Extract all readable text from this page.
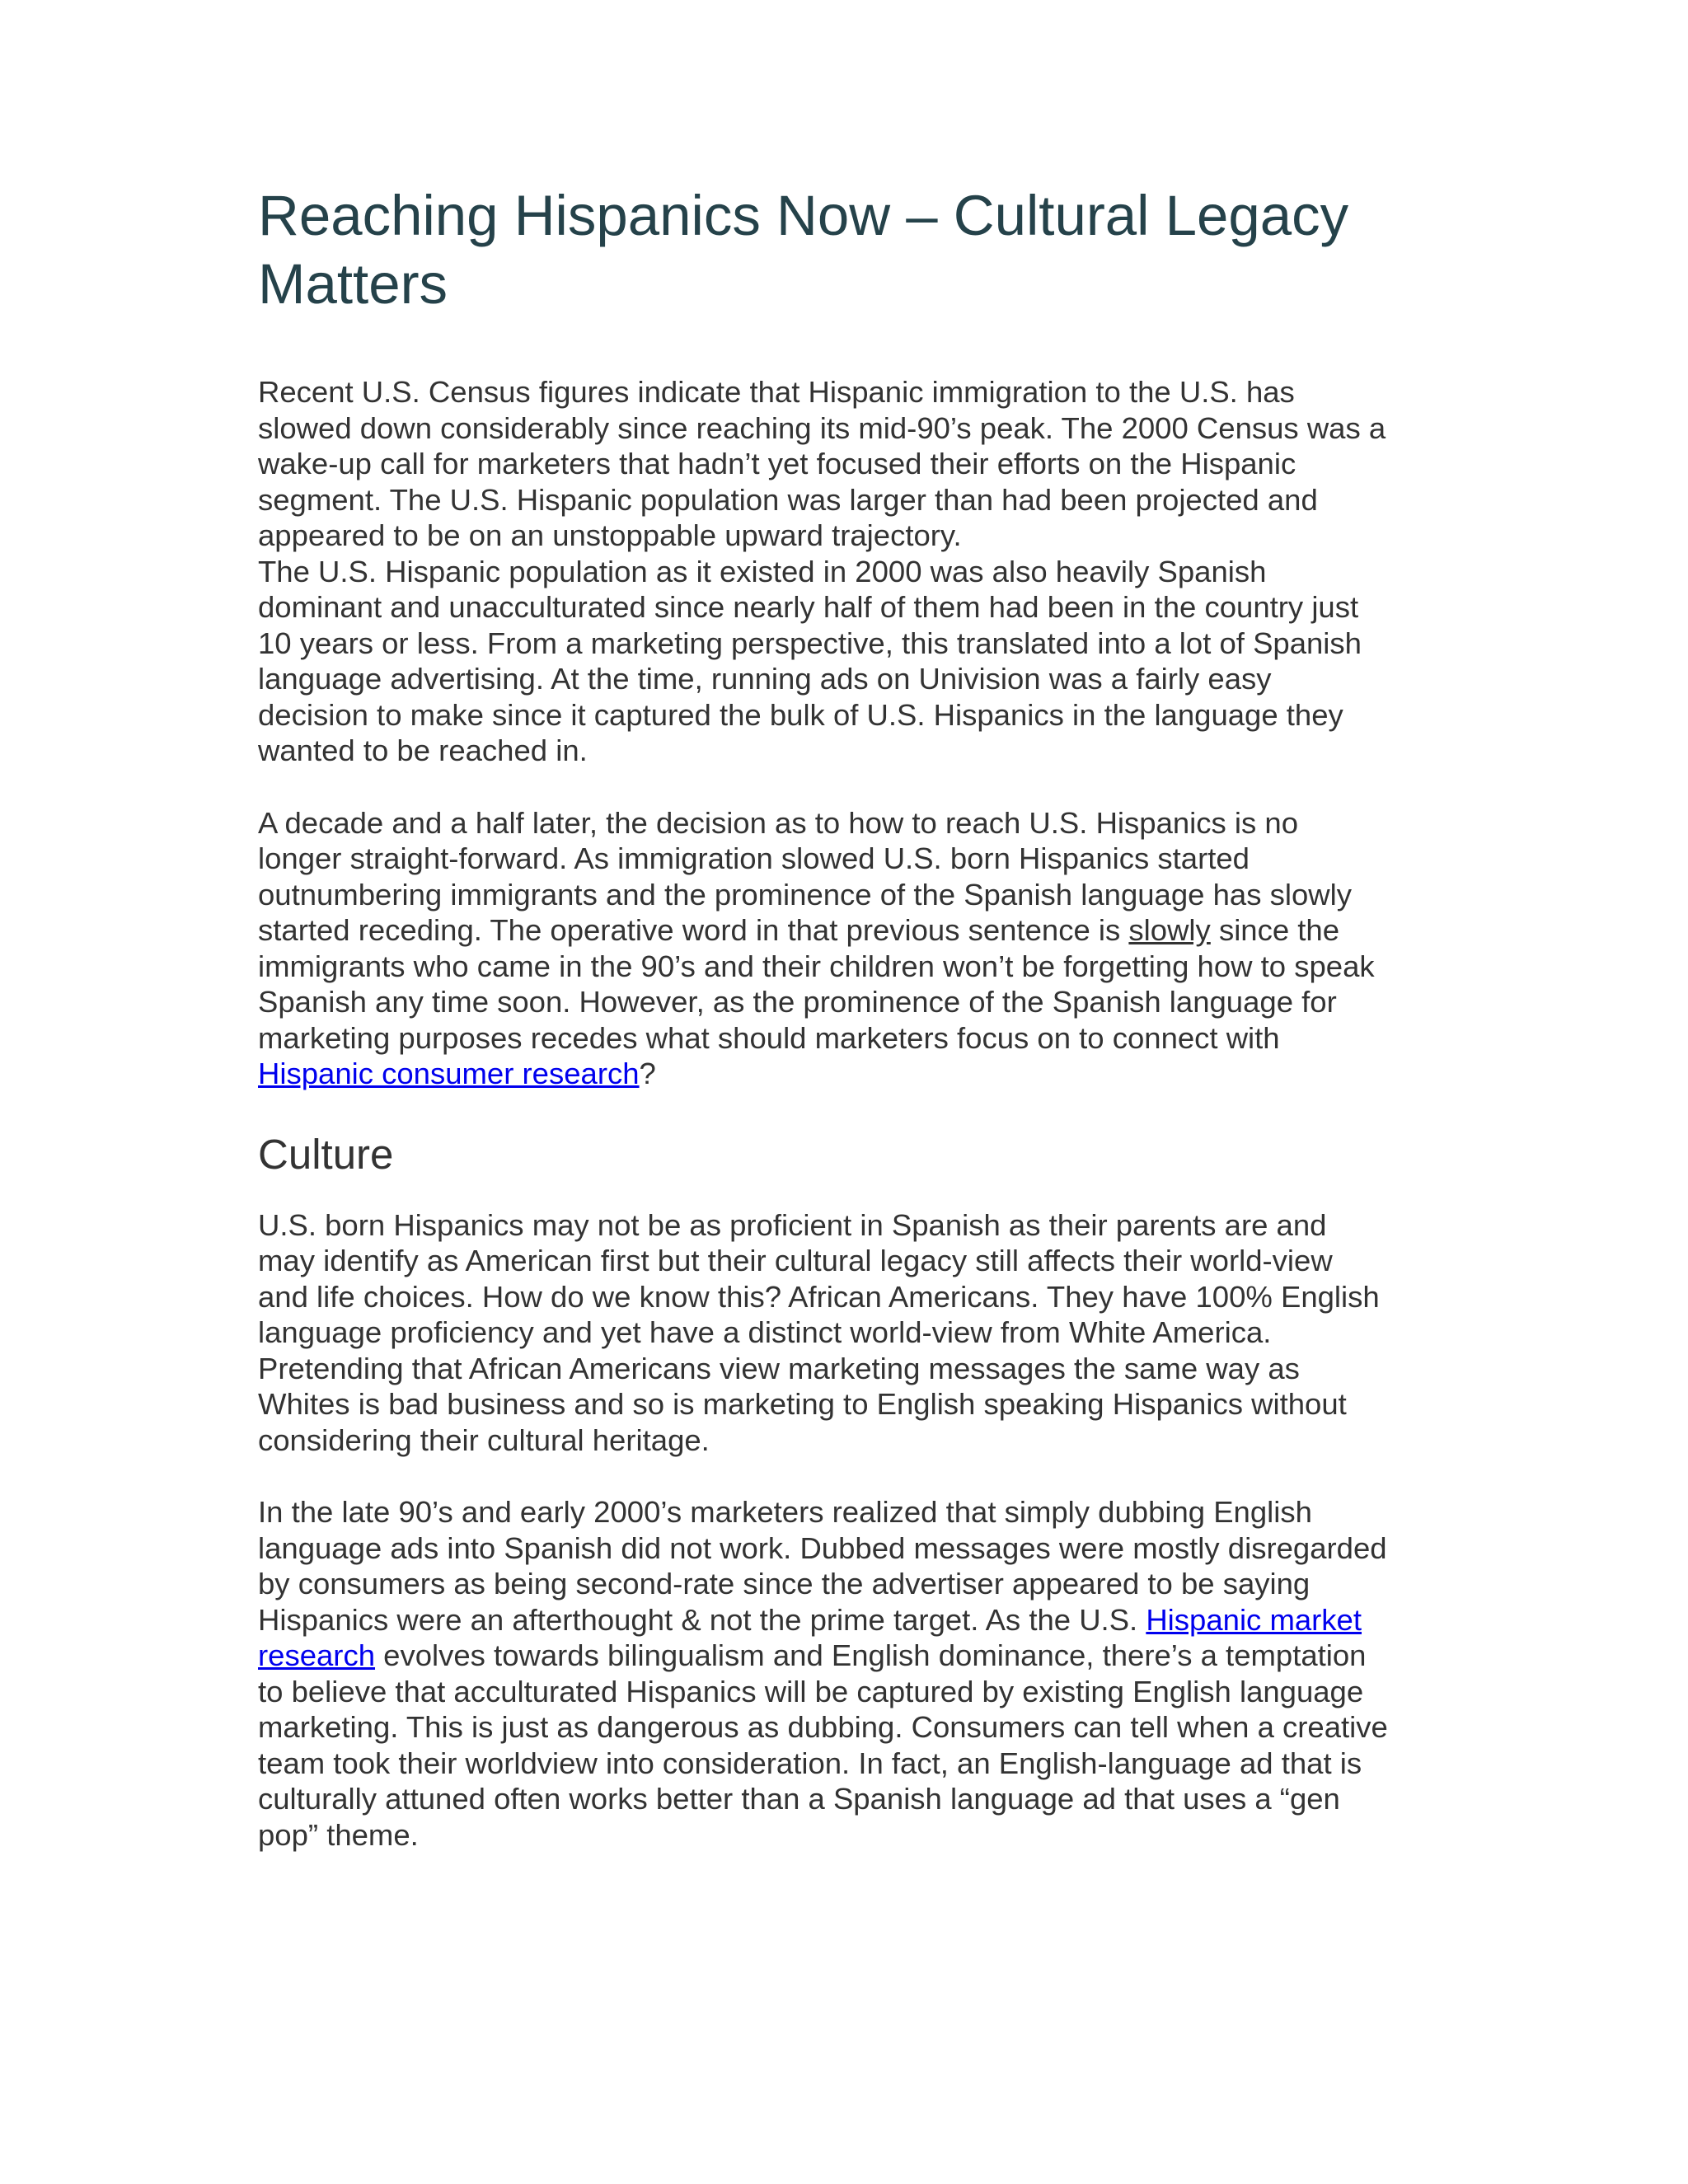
Reaching Hispanics Now – Cultural Legacy
Matters

Recent U.S. Census figures indicate that Hispanic immigration to the U.S. has
slowed down considerably since reaching its mid-90’s peak. The 2000 Census was a
wake-up call for marketers that hadn’t yet focused their efforts on the Hispanic
segment. The U.S. Hispanic population was larger than had been projected and
appeared to be on an unstoppable upward trajectory.

The U.S. Hispanic population as it existed in 2000 was also heavily Spanish
dominant and unacculturated since nearly half of them had been in the country just
10 years or less. From a marketing perspective, this translated into a lot of Spanish
language advertising. At the time, running ads on Univision was a fairly easy
decision to make since it captured the bulk of U.S. Hispanics in the language they
wanted to be reached in.

A decade and a half later, the decision as to how to reach U.S. Hispanics is no
longer straight-forward. As immigration slowed U.S. born Hispanics started
outnumbering immigrants and the prominence of the Spanish language has slowly
started receding. The operative word in that previous sentence is slowly since the
immigrants who came in the 90’s and their children won’t be forgetting how to speak
Spanish any time soon. However, as the prominence of the Spanish language for
marketing purposes recedes what should marketers focus on to connect with
Hispanic consumer research?

Culture

U.S. born Hispanics may not be as proficient in Spanish as their parents are and
may identify as American first but their cultural legacy still affects their world-view
and life choices. How do we know this? African Americans. They have 100% English
language proficiency and yet have a distinct world-view from White America.
Pretending that African Americans view marketing messages the same way as
Whites is bad business and so is marketing to English speaking Hispanics without
considering their cultural heritage.

In the late 90’s and early 2000’s marketers realized that simply dubbing English
language ads into Spanish did not work. Dubbed messages were mostly disregarded
by consumers as being second-rate since the advertiser appeared to be saying
Hispanics were an afterthought & not the prime target. As the U.S. Hispanic market
research evolves towards bilingualism and English dominance, there’s a temptation
to believe that acculturated Hispanics will be captured by existing English language
marketing. This is just as dangerous as dubbing. Consumers can tell when a creative
team took their worldview into consideration. In fact, an English-language ad that is
culturally attuned often works better than a Spanish language ad that uses a “gen
pop” theme.
